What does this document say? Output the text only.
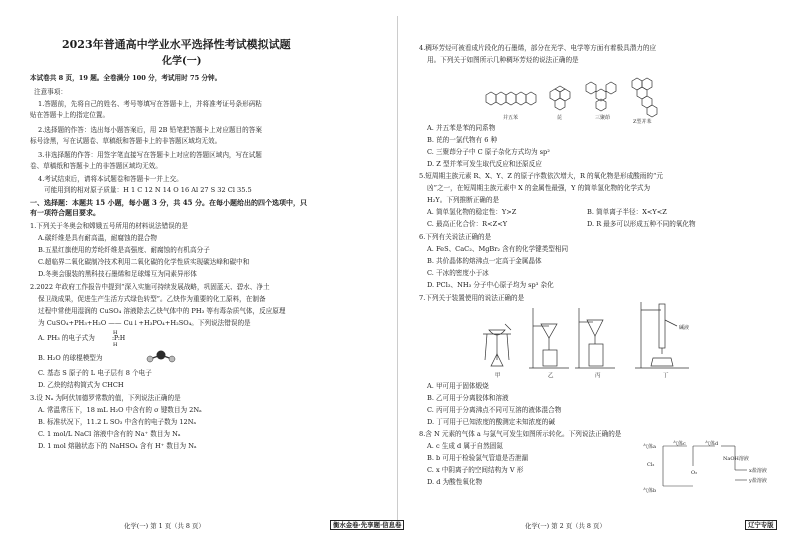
2023年普通高中学业水平选择性考试模拟试题
化学(一)
本试卷共 8 页，19 题。全卷满分 100 分，考试用时 75 分钟。
注意事项：
1.答题前，先将自己的姓名、考号等填写在答题卡上，并将准考证号条形码粘
贴在答题卡上的指定位置。
2.选择题的作答：选出每小题答案后，用 2B 铅笔把答题卡上对应题目的答案
标号涂黑，写在试题卷、草稿纸和答题卡上的非答题区域均无效。
3.非选择题的作答：用签字笔直接写在答题卡上对应的答题区域内，写在试题
卷、草稿纸和答题卡上的非答题区域均无效。
4.考试结束后，请将本试题卷和答题卡一并上交。
可能用到的相对原子质量：H 1 C 12 N 14 O 16 Al 27 S 32 Cl 35.5
一、选择题：本题共 15 小题，每小题 3 分，共 45 分。在每小题给出的四个选项中，只
有一项符合题目要求。
1.下列关于冬奥会和嫦娥五号所用的材料说法错误的是
A.碳纤维是具有耐高温，耐腐蚀的混合物
B.五星红旗使用的芳纶纤维是高强度、耐腐蚀的有机高分子
C.超临界二氧化碳制冷技术利用二氧化碳的化学性质实现碳达峰和碳中和
D.冬奥会服装的黑科技石墨烯和足球烯互为同素异形体
2.2022 年政府工作报告中提到“深入实施可持续发展战略，巩固蓝天、碧水、净土
保卫战成果，促进生产生活方式绿色转型”。乙炔作为重要的化工原料，在制备
过程中常使用湿润的 CuSO₄ 溶液除去乙炔气体中的 PH₃ 等有毒杂质气体，反应原理
为 CuSO₄+PH₃+H₂O —— Cu↓+H₃PO₄+H₂SO₄。下列说法错误的是
A. PH₃ 的电子式为
H
:P:H
H
B. H₂O 的球棍模型为
C. 基态 S 原子的 L 电子层有 8 个电子
D. 乙炔的结构简式为 CHCH
3.设 Nₐ 为阿伏加德罗常数的值，下列说法正确的是
A. 常温常压下，18 mL H₂O 中含有的 σ 键数目为 2Nₐ
B. 标准状况下，11.2 L SO₃ 中含有的电子数为 12Nₐ
C. 1 mol/L NaCl 溶液中含有的 Na⁺ 数目为 Nₐ
D. 1 mol 熔融状态下的 NaHSO₄ 含有 H⁺ 数目为 Nₐ
化学(一) 第 1 页（共 8 页）	衡水金卷·先享题·信息卷
4.稠环芳烃可被看成片段化的石墨烯，部分在光学、电学等方面有着极具潜力的应
用。下列关于如图所示几种稠环芳烃的说法正确的是
并五苯	芘	三聚茚
Z型并苯
A. 并五苯是苯的同系物
B. 芘的一氯代物有 6 种
C. 三聚茚分子中 C 原子杂化方式均为 sp²
D. Z 型并苯可发生取代反应和还原反应
5.短周期主族元素 R、X、Y、Z 的原子序数依次增大，R 的氧化物是形成酸雨的“元
凶”之一，在短周期主族元素中 X 的金属性最强，Y 的简单氢化物的化学式为
H₂Y。下列推断正确的是
A. 简单氢化物的稳定性：Y>Z	B. 简单离子半径：X<Y<Z
C. 最高正化合价：R<Z<Y	D. R 最多可以形成五种不同的氧化物
6.下列有关说法正确的是
A. FeS、CaC₂、MgBr₂ 含有的化学键类型相同
B. 共价晶体的熔沸点一定高于金属晶体
C. 干冰的密度小于冰
D. PCl₃、NH₃ 分子中心原子均为 sp³ 杂化
7.下列关于装置使用的说法正确的是
碱液
甲	乙	丙	丁
A. 甲可用于固体煅烧
B. 乙可用于分离胶体和溶液
C. 丙可用于分离沸点不同可互溶的液体混合物
D. 丁可用于已知浓度的酸测定未知浓度的碱
8.含 N 元素的气体 a 与氯气可发生如图所示转化。下列说法正确的是
A. c 生成 d 属于自然固氮
B. b 可用于检验氯气管道是否泄漏
C. x 中阴离子的空间结构为 V 形
D. d 为酸性氧化物
气体a	气体c	气体d
Cl₂
O₂
气体b
NaOH溶液
x盐溶液
y盐溶液
化学(一) 第 2 页（共 8 页）	辽宁专版
